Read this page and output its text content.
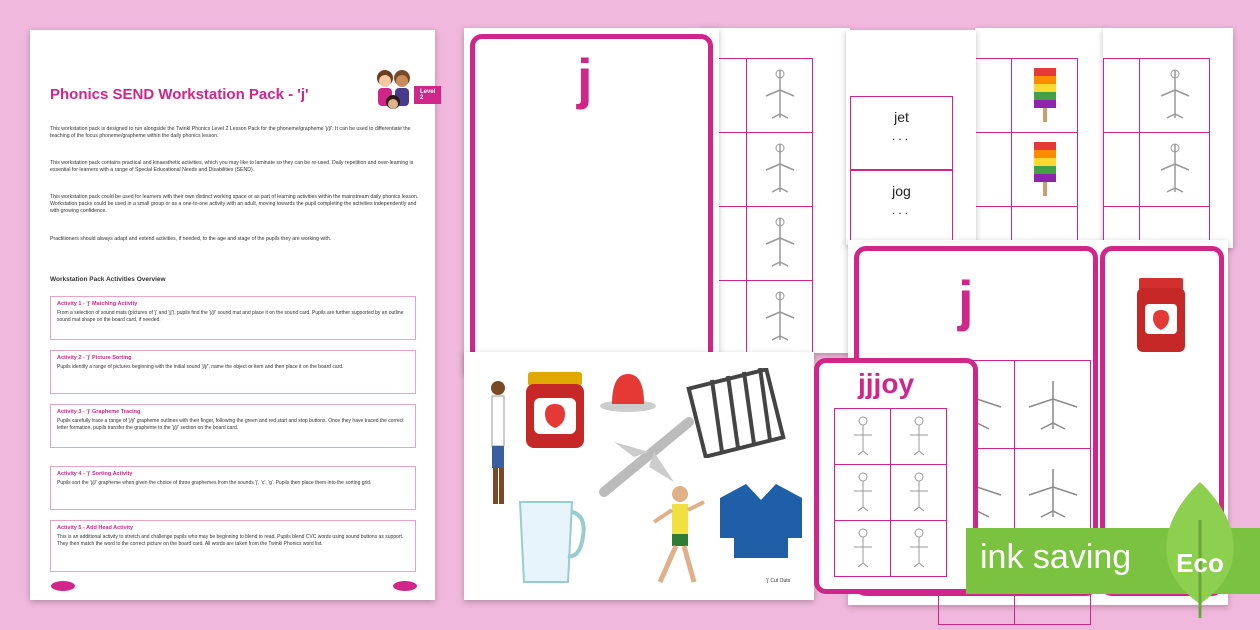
Phonics SEND Workstation Pack - 'j'	Level 2

This workstation pack is designed to run alongside the Twinkl Phonics Level 2 Lesson Pack for the phoneme/grapheme 'j/j/'. It can be used to differentiate the teaching of the focus phoneme/grapheme within the daily phonics lesson.

This workstation pack contains practical and kinaesthetic activities, which you may like to laminate so they can be re-used. Daily repetition and over-learning is essential for learners with a range of Special Educational Needs and Disabilities (SEND).

This workstation pack could be used for learners with their own distinct working space or as part of learning activities within the mainstream daily phonics lesson. Workstation packs could be used in a small group or as a one-to-one activity with an adult, moving towards the pupil completing the activities independently and with growing confidence.

Practitioners should always adapt and extend activities, if needed, to the age and stage of the pupils they are working with.

Workstation Pack Activities Overview
Activity 1 - 'j' Matching Activity
From a selection of sound mats (pictures of 'j' and 'jj'), pupils find the 'j/j/' sound mat and place it on the sound card. Pupils are further supported by an outline sound mat shape on the board card, if needed.
Activity 2 - 'j' Picture Sorting
Pupils identify a range of pictures beginning with the initial sound 'j/j/', name the object or item and then place it on the board card.
Activity 3 - 'j' Grapheme Tracing
Pupils carefully trace a range of 'j/j/' grapheme outlines with their finger, following the green and red start and stop buttons. Once they have traced the correct letter formation, pupils transfer the grapheme to the 'j/j/' section on the board card.
Activity 4 - 'j' Sorting Activity
Pupils sort the 'j/j/' grapheme when given the choice of three graphemes from the sounds 'j', 'c', 'g'. Pupils then place them into the sorting grid.
Activity 5 - Add Head Activity
This is an additional activity to stretch and challenge pupils who may be beginning to blend to read. Pupils blend CVC words using sound buttons as support. They then match the word to the correct picture on the board card. All words are taken from the Twinkl Phonics word list.
jet
...
jog
...
j
j
'j' Cut Outs
jjjoy
ink saving Eco
